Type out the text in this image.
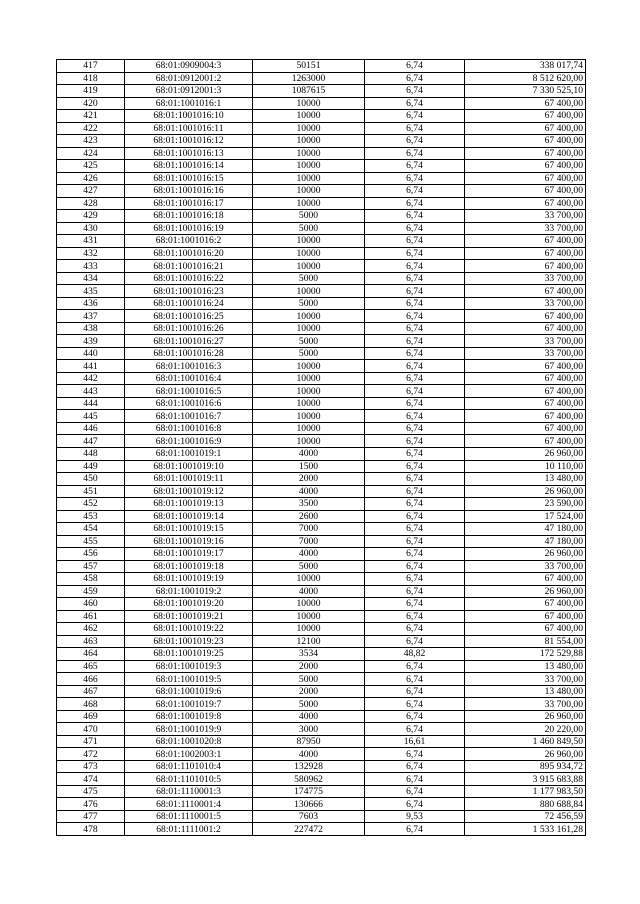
417	68:01:0909004:3	50151	6,74	338 017,74
418	68:01:0912001:2	1263000	6,74	8 512 620,00
419	68:01:0912001:3	1087615	6,74	7 330 525,10
420	68:01:1001016:1	10000	6,74	67 400,00
421	68:01:1001016:10	10000	6,74	67 400,00
422	68:01:1001016:11	10000	6,74	67 400,00
423	68:01:1001016:12	10000	6,74	67 400,00
424	68:01:1001016:13	10000	6,74	67 400,00
425	68:01:1001016:14	10000	6,74	67 400,00
426	68:01:1001016:15	10000	6,74	67 400,00
427	68:01:1001016:16	10000	6,74	67 400,00
428	68:01:1001016:17	10000	6,74	67 400,00
429	68:01:1001016:18	5000	6,74	33 700,00
430	68:01:1001016:19	5000	6,74	33 700,00
431	68:01:1001016:2	10000	6,74	67 400,00
432	68:01:1001016:20	10000	6,74	67 400,00
433	68:01:1001016:21	10000	6,74	67 400,00
434	68:01:1001016:22	5000	6,74	33 700,00
435	68:01:1001016:23	10000	6,74	67 400,00
436	68:01:1001016:24	5000	6,74	33 700,00
437	68:01:1001016:25	10000	6,74	67 400,00
438	68:01:1001016:26	10000	6,74	67 400,00
439	68:01:1001016:27	5000	6,74	33 700,00
440	68:01:1001016:28	5000	6,74	33 700,00
441	68:01:1001016:3	10000	6,74	67 400,00
442	68:01:1001016:4	10000	6,74	67 400,00
443	68:01:1001016:5	10000	6,74	67 400,00
444	68:01:1001016:6	10000	6,74	67 400,00
445	68:01:1001016:7	10000	6,74	67 400,00
446	68:01:1001016:8	10000	6,74	67 400,00
447	68:01:1001016:9	10000	6,74	67 400,00
448	68:01:1001019:1	4000	6,74	26 960,00
449	68:01:1001019:10	1500	6,74	10 110,00
450	68:01:1001019:11	2000	6,74	13 480,00
451	68:01:1001019:12	4000	6,74	26 960,00
452	68:01:1001019:13	3500	6,74	23 590,00
453	68:01:1001019:14	2600	6,74	17 524,00
454	68:01:1001019:15	7000	6,74	47 180,00
455	68:01:1001019:16	7000	6,74	47 180,00
456	68:01:1001019:17	4000	6,74	26 960,00
457	68:01:1001019:18	5000	6,74	33 700,00
458	68:01:1001019:19	10000	6,74	67 400,00
459	68:01:1001019:2	4000	6,74	26 960,00
460	68:01:1001019:20	10000	6,74	67 400,00
461	68:01:1001019:21	10000	6,74	67 400,00
462	68:01:1001019:22	10000	6,74	67 400,00
463	68:01:1001019:23	12100	6,74	81 554,00
464	68:01:1001019:25	3534	48,82	172 529,88
465	68:01:1001019:3	2000	6,74	13 480,00
466	68:01:1001019:5	5000	6,74	33 700,00
467	68:01:1001019:6	2000	6,74	13 480,00
468	68:01:1001019:7	5000	6,74	33 700,00
469	68:01:1001019:8	4000	6,74	26 960,00
470	68:01:1001019:9	3000	6,74	20 220,00
471	68:01:1001020:8	87950	16,61	1 460 849,50
472	68:01:1002003:1	4000	6,74	26 960,00
473	68:01:1101010:4	132928	6,74	895 934,72
474	68:01:1101010:5	580962	6,74	3 915 683,88
475	68:01:1110001:3	174775	6,74	1 177 983,50
476	68:01:1110001:4	130666	6,74	880 688,84
477	68:01:1110001:5	7603	9,53	72 456,59
478	68:01:1111001:2	227472	6,74	1 533 161,28
